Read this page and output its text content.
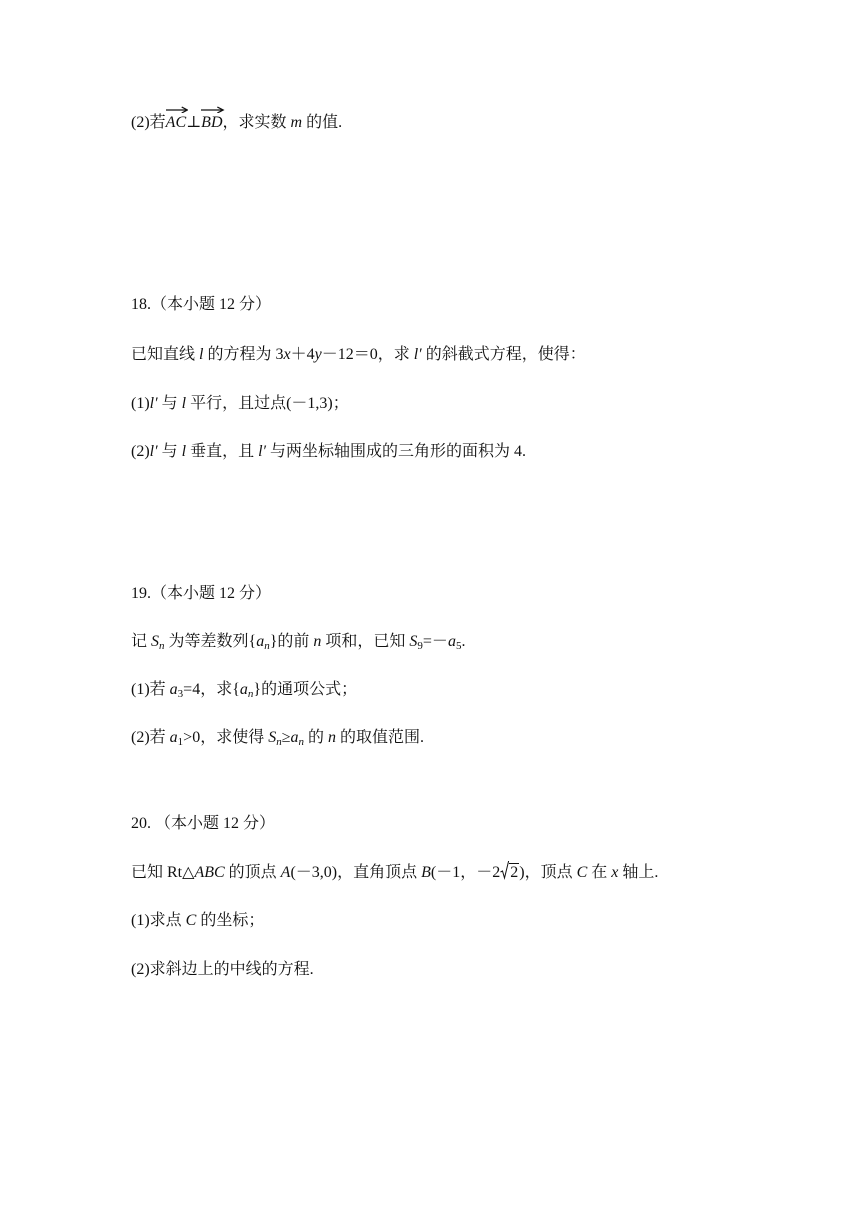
(2)若
AC⊥
BD，求实数 m 的值.
18.（本小题 12 分）
已知直线 l 的方程为 3x＋4y－12＝0，求 l′ 的斜截式方程，使得：
(1)l′ 与 l 平行，且过点(－1,3)；
(2)l′ 与 l 垂直，且 l′ 与两坐标轴围成的三角形的面积为 4.
19.（本小题 12 分）
记 $S_n$ 为等差数列$\{a_n\}$的前 n 项和，已知 $S_9=-a_5$.
(1)若 $a_3=4$，求$\{a_n\}$的通项公式；
(2)若 $a_1>0$，求使得 $S_n\ge a_n$ 的 n 的取值范围.
20. （本小题 12 分）
已知 Rt△ABC 的顶点 A(－3,0)，直角顶点 B(－1，－2 2)，顶点 C 在 x 轴上.
(1)求点 C 的坐标；
(2)求斜边上的中线的方程.
